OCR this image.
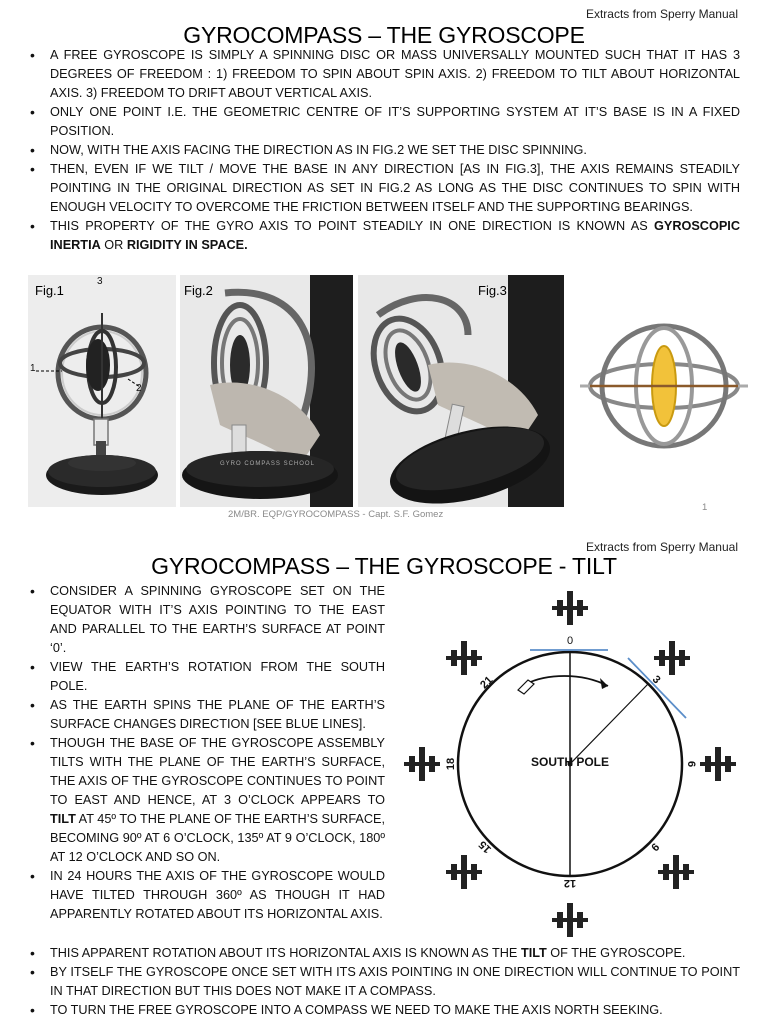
Extracts from Sperry Manual
GYROCOMPASS – THE GYROSCOPE
• A FREE GYROSCOPE IS SIMPLY A SPINNING DISC OR MASS UNIVERSALLY MOUNTED SUCH THAT IT HAS 3 DEGREES OF FREEDOM : 1) FREEDOM TO SPIN ABOUT SPIN AXIS. 2) FREEDOM TO TILT ABOUT HORIZONTAL AXIS. 3) FREEDOM TO DRIFT ABOUT VERTICAL AXIS.
• ONLY ONE POINT I.E. THE GEOMETRIC CENTRE OF IT’S SUPPORTING SYSTEM AT IT’S BASE IS IN A FIXED POSITION.
• NOW, WITH THE AXIS FACING THE DIRECTION AS IN FIG.2 WE SET THE DISC SPINNING.
• THEN, EVEN IF WE TILT / MOVE THE BASE IN ANY DIRECTION [AS IN FIG.3], THE AXIS REMAINS STEADILY POINTING IN THE ORIGINAL DIRECTION AS SET IN FIG.2 AS LONG AS THE DISC CONTINUES TO SPIN WITH ENOUGH VELOCITY TO OVERCOME THE FRICTION BETWEEN ITSELF AND THE SUPPORTING BEARINGS.
• THIS PROPERTY OF THE GYRO AXIS TO POINT STEADILY IN ONE DIRECTION IS KNOWN AS GYROSCOPIC INERTIA OR RIGIDITY IN SPACE.
1
2
3
Fig.1
GYRO COMPASS SCHOOL
Fig.2	Fig.3
2M/BR. EQP/GYROCOMPASS - Capt. S.F. Gomez
1
Extracts from Sperry Manual
GYROCOMPASS – THE GYROSCOPE - TILT
• CONSIDER A SPINNING GYROSCOPE SET ON THE EQUATOR WITH IT’S AXIS POINTING TO THE EAST AND PARALLEL TO THE EARTH’S SURFACE AT POINT ‘0’.
• VIEW THE EARTH’S ROTATION FROM THE SOUTH POLE.
• AS THE EARTH SPINS THE PLANE OF THE EARTH’S SURFACE CHANGES DIRECTION [SEE BLUE LINES].
• THOUGH THE BASE OF THE GYROSCOPE ASSEMBLY TILTS WITH THE PLANE OF THE EARTH’S SURFACE, THE AXIS OF THE GYROSCOPE CONTINUES TO POINT TO EAST AND HENCE, AT 3 O’CLOCK APPEARS TO TILT AT 45º TO THE PLANE OF THE EARTH’S SURFACE, BECOMING 90º AT 6 O’CLOCK, 135º AT 9 O’CLOCK, 180º AT 12 O’CLOCK AND SO ON.
• IN 24 HOURS THE AXIS OF THE GYROSCOPE WOULD HAVE TILTED THROUGH 360º AS THOUGH IT HAD APPARENTLY ROTATED ABOUT ITS HORIZONTAL AXIS.
• THIS APPARENT ROTATION ABOUT ITS HORIZONTAL AXIS IS KNOWN AS THE TILT OF THE GYROSCOPE.
• BY ITSELF THE GYROSCOPE ONCE SET WITH ITS AXIS POINTING IN ONE DIRECTION WILL CONTINUE TO POINT IN THAT DIRECTION BUT THIS DOES NOT MAKE IT A COMPASS.
• TO TURN THE FREE GYROSCOPE INTO A COMPASS WE NEED TO MAKE THE AXIS NORTH SEEKING.
SOUTH POLE
0
3
6
9
12
15
18
21
